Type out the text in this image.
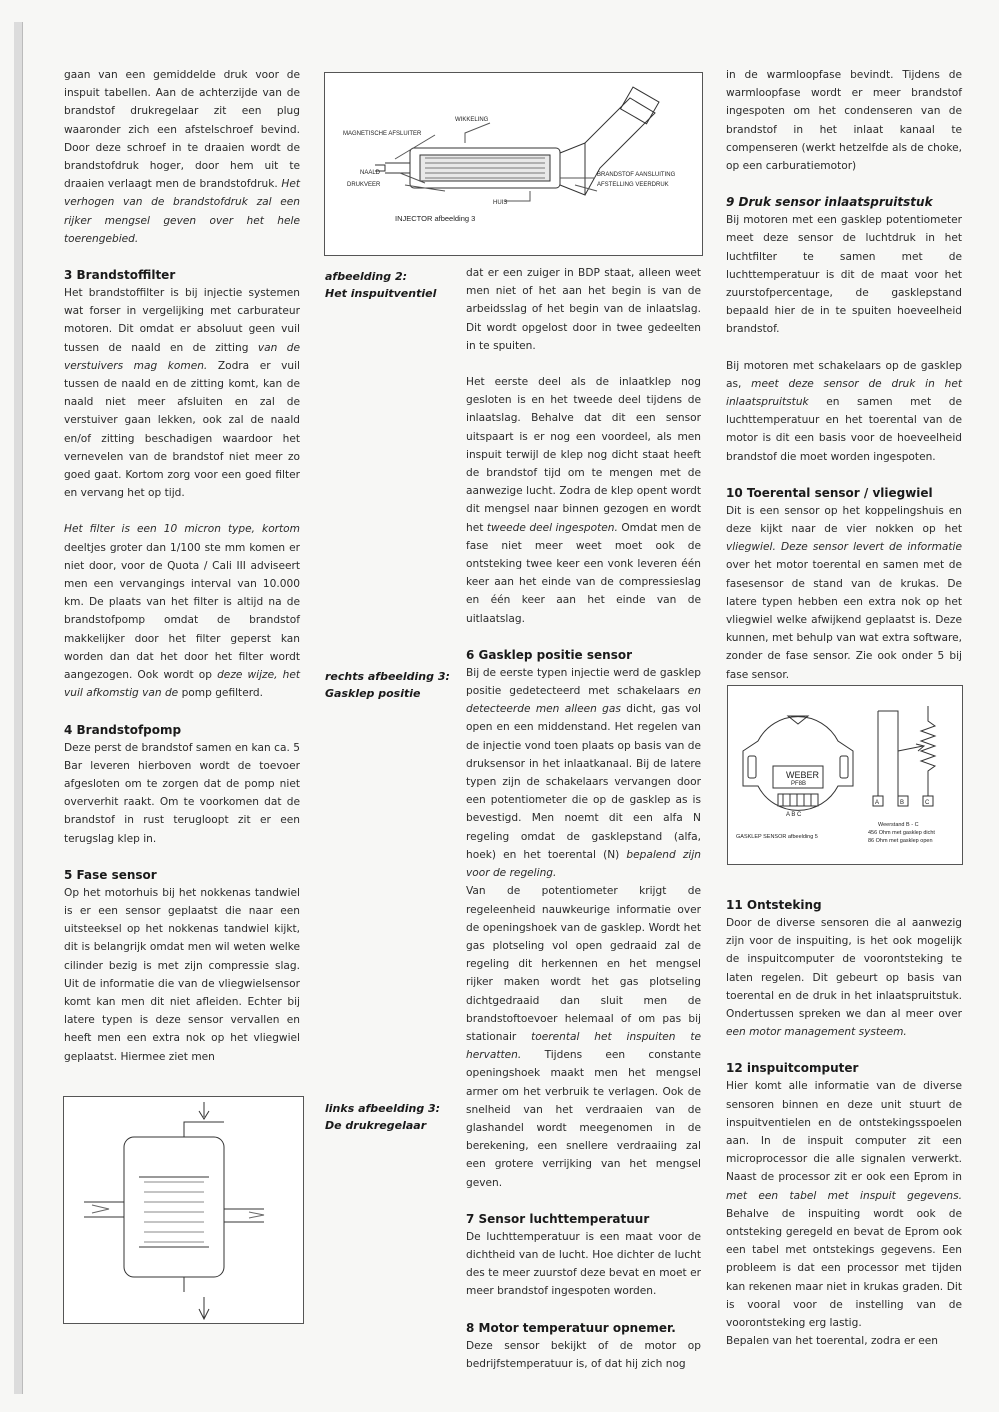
gaan van een gemiddelde druk voor de inspuit tabellen. Aan de achterzijde van de brandstof drukregelaar zit een plug waaronder zich een afstelschroef bevind. Door deze schroef in te draaien wordt de brandstofdruk hoger, door hem uit te draaien verlaagt men de brandstofdruk. Het verhogen van de brandstofdruk zal een rijker mengsel geven over het hele toerengebied.

3 Brandstoffilter

Het brandstoffilter is bij injectie systemen wat forser in vergelijking met carburateur motoren. Dit omdat er absoluut geen vuil tussen de naald en de zitting van de verstuivers mag komen. Zodra er vuil tussen de naald en de zitting komt, kan de naald niet meer afsluiten en zal de verstuiver gaan lekken, ook zal de naald en/of zitting beschadigen waardoor het verneveIen van de brandstof niet meer zo goed gaat. Kortom zorg voor een goed filter en vervang het op tijd.

Het filter is een 10 micron type, kortom deeltjes groter dan 1/100 ste mm komen er niet door, voor de Quota / Cali III adviseert men een vervangings interval van 10.000 km. De plaats van het filter is altijd na de brandstofpomp omdat de brandstof makkelijker door het filter geperst kan worden dan dat het door het filter wordt aangezogen. Ook wordt op deze wijze, het vuil afkomstig van de pomp gefilterd.

4 Brandstofpomp

Deze perst de brandstof samen en kan ca. 5 Bar leveren hierboven wordt de toevoer afgesloten om te zorgen dat de pomp niet oververhit raakt. Om te voorkomen dat de brandstof in rust terugloopt zit er een terugslag klep in.

5 Fase sensor

Op het motorhuis bij het nokkenas tandwiel is er een sensor geplaatst die naar een uitsteeksel op het nokkenas tandwiel kijkt, dit is belangrijk omdat men wil weten welke cilinder bezig is met zijn compressie slag. Uit de informatie die van de vliegwielsensor komt kan men dit niet afleiden. Echter bij latere typen is deze sensor vervallen en heeft men een extra nok op het vliegwiel geplaatst. Hiermee ziet men

WIKKELING
MAGNETISCHE AFSLUITER
NAALD
DRUKVEER
BRANDSTOF AANSLUITING
AFSTELLING VEERDRUK
HUIS
INJECTOR afbeelding 3
afbeelding 2:
Het inspuitventiel
rechts afbeelding 3:
Gasklep positie
links afbeelding 3:
De drukregelaar

dat er een zuiger in BDP staat, alleen weet men niet of het aan het begin is van de arbeidsslag of het begin van de inlaatslag. Dit wordt opgelost door in twee gedeelten in te spuiten.

Het eerste deel als de inlaatklep nog gesloten is en het tweede deel tijdens de inlaatslag. Behalve dat dit een sensor uitspaart is er nog een voordeel, als men inspuit terwijl de klep nog dicht staat heeft de brandstof tijd om te mengen met de aanwezige lucht. Zodra de klep opent wordt dit mengsel naar binnen gezogen en wordt het tweede deel ingespoten. Omdat men de fase niet meer weet moet ook de ontsteking twee keer een vonk leveren één keer aan het einde van de compressieslag en één keer aan het einde van de uitlaatslag.

6 Gasklep positie sensor

Bij de eerste typen injectie werd de gasklep positie gedetecteerd met schakelaars en detecteerde men alleen gas dicht, gas vol open en een middenstand. Het regelen van de injectie vond toen plaats op basis van de druksensor in het inlaatkanaal. Bij de latere typen zijn de schakelaars vervangen door een potentiometer die op de gasklep as is bevestigd. Men noemt dit een alfa N regeling omdat de gasklepstand (alfa, hoek) en het toerental (N) bepalend zijn voor de regeling.

Van de potentiometer krijgt de regeleenheid nauwkeurige informatie over de openingshoek van de gasklep. Wordt het gas plotseling vol open gedraaid zal de regeling dit herkennen en het mengsel rijker maken wordt het gas plotseling dichtgedraaid dan sluit men de brandstoftoevoer helemaal of om pas bij stationair toerental het inspuiten te hervatten. Tijdens een constante openingshoek maakt men het mengsel armer om het verbruik te verlagen. Ook de snelheid van het verdraaien van de glashandel wordt meegenomen in de berekening, een snellere verdraaiing zal een grotere verrijking van het mengsel geven.

7 Sensor luchttemperatuur

De luchttemperatuur is een maat voor de dichtheid van de lucht. Hoe dichter de lucht des te meer zuurstof deze bevat en moet er meer brandstof ingespoten worden.

8 Motor temperatuur opnemer.

Deze sensor bekijkt of de motor op bedrijfstemperatuur is, of dat hij zich nog

in de warmloopfase bevindt. Tijdens de warmloopfase wordt er meer brandstof ingespoten om het condenseren van de brandstof in het inlaat kanaal te compenseren (werkt hetzelfde als de choke, op een carburatiemotor)

9 Druk sensor inlaatspruitstuk

Bij motoren met een gasklep potentiometer meet deze sensor de luchtdruk in het luchtfilter te samen met de luchttemperatuur is dit de maat voor het zuurstofpercentage, de gasklepstand bepaald hier de in te spuiten hoeveelheid brandstof.

Bij motoren met schakelaars op de gasklep as, meet deze sensor de druk in het inlaatspruitstuk en samen met de luchttemperatuur en het toerental van de motor is dit een basis voor de hoeveelheid brandstof die moet worden ingespoten.

10 Toerental sensor / vliegwiel

Dit is een sensor op het koppelingshuis en deze kijkt naar de vier nokken op het vliegwiel. Deze sensor levert de informatie over het motor toerental en samen met de fasesensor de stand van de krukas. De latere typen hebben een extra nok op het vliegwiel welke afwijkend geplaatst is. Deze kunnen, met behulp van wat extra software, zonder de fase sensor. Zie ook onder 5 bij fase sensor.

11 Ontsteking

Door de diverse sensoren die al aanwezig zijn voor de inspuiting, is het ook mogelijk de inspuitcomputer de voorontsteking te laten regelen. Dit gebeurt op basis van toerental en de druk in het inlaatspruitstuk. Ondertussen spreken we dan al meer over een motor management systeem.

12 inspuitcomputer

Hier komt alle informatie van de diverse sensoren binnen en deze unit stuurt de inspuitventielen en de ontstekingsspoelen aan. In de inspuit computer zit een microprocessor die alle signalen verwerkt. Naast de processor zit er ook een Eprom in met een tabel met inspuit gegevens. Behalve de inspuiting wordt ook de ontsteking geregeld en bevat de Eprom ook een tabel met ontstekings gegevens. Een probleem is dat een processor met tijden kan rekenen maar niet in krukas graden. Dit is vooral voor de instelling van de voorontsteking erg lastig.

Bepalen van het toerental, zodra er een

WEBER
PF8B
A B C
A	B	C
Weerstand B - C
456 Ohm met gasklep dicht
86 Ohm met gasklep open
GASKLEP SENSOR afbeelding 5
